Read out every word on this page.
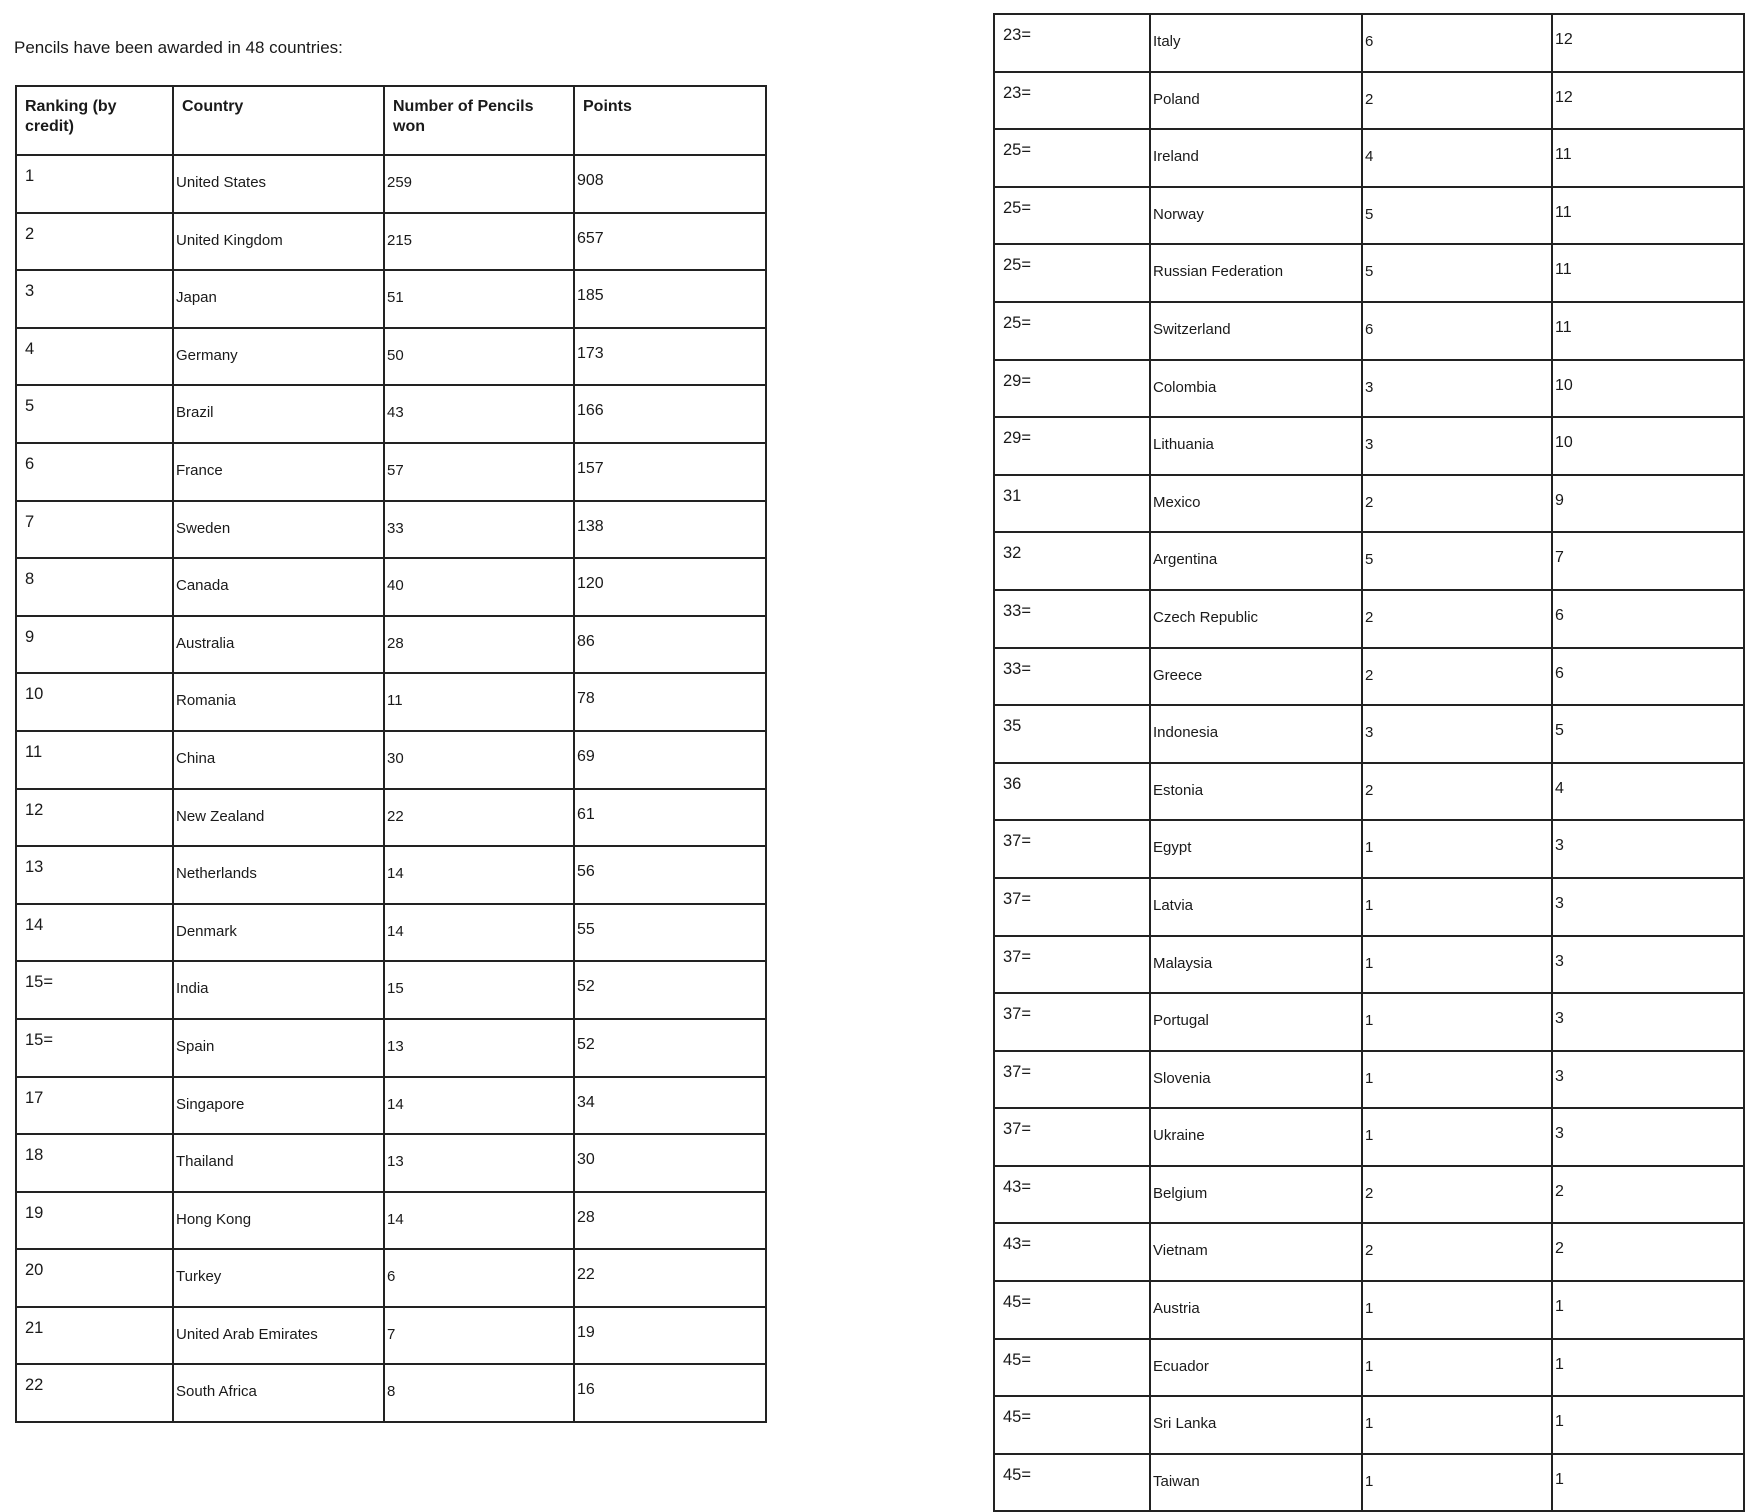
Pencils have been awarded in 48 countries:

Ranking (by credit)	Country	Number of Pencils won	Points
1	United States	259	908
2	United Kingdom	215	657
3	Japan	51	185
4	Germany	50	173
5	Brazil	43	166
6	France	57	157
7	Sweden	33	138
8	Canada	40	120
9	Australia	28	86
10	Romania	11	78
11	China	30	69
12	New Zealand	22	61
13	Netherlands	14	56
14	Denmark	14	55
15=	India	15	52
15=	Spain	13	52
17	Singapore	14	34
18	Thailand	13	30
19	Hong Kong	14	28
20	Turkey	6	22
21	United Arab Emirates	7	19
22	South Africa	8	16
23=	Italy	6	12
23=	Poland	2	12
25=	Ireland	4	11
25=	Norway	5	11
25=	Russian Federation	5	11
25=	Switzerland	6	11
29=	Colombia	3	10
29=	Lithuania	3	10
31	Mexico	2	9
32	Argentina	5	7
33=	Czech Republic	2	6
33=	Greece	2	6
35	Indonesia	3	5
36	Estonia	2	4
37=	Egypt	1	3
37=	Latvia	1	3
37=	Malaysia	1	3
37=	Portugal	1	3
37=	Slovenia	1	3
37=	Ukraine	1	3
43=	Belgium	2	2
43=	Vietnam	2	2
45=	Austria	1	1
45=	Ecuador	1	1
45=	Sri Lanka	1	1
45=	Taiwan	1	1
